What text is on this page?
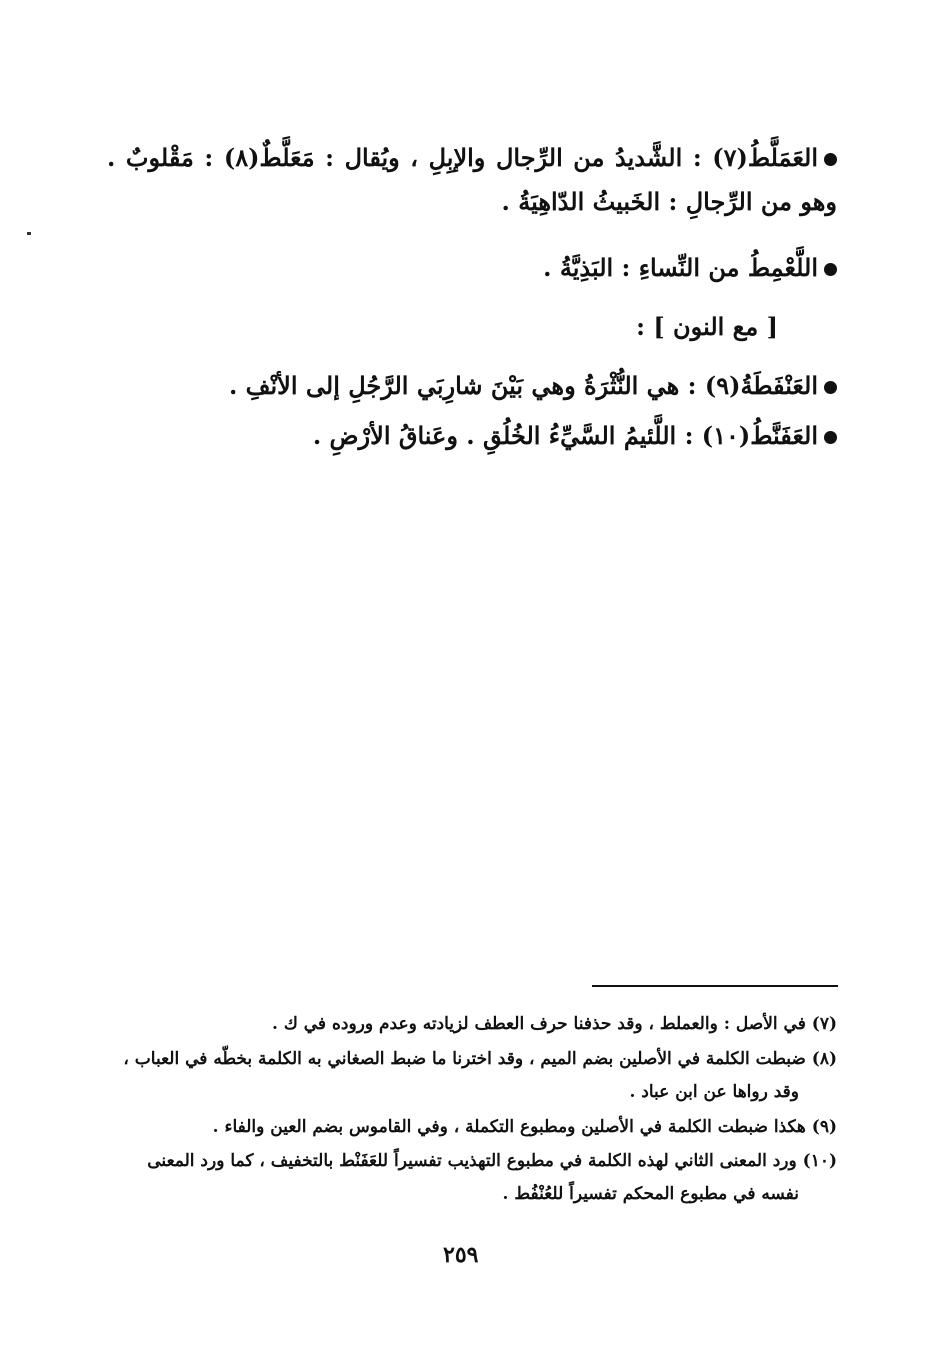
العَمَلَّطُ(٧) : الشَّديدُ من الرِّجال والإبِلِ ، ويُقال : مَعَلَّطٌ(٨) : مَقْلوبٌ . وهو من الرِّجالِ : الخَبيثُ الدّاهِيَةُ .
اللَّعْمِطُ من النِّساءِ : البَذِيَّةُ .
[ مع النون ] :
العَنْفَطَةُ(٩) : هي النُّثْرَةُ وهي بَيْنَ شارِبَي الرَّجُلِ إلى الأنْفِ .
العَفَنَّطُ(١٠) : اللَّئيمُ السَّيِّءُ الخُلُقِ . وعَناقُ الأرْضِ .
(٧) في الأصل : والعملط ، وقد حذفنا حرف العطف لزيادته وعدم وروده في ك .
(٨) ضبطت الكلمة في الأصلين بضم الميم ، وقد اخترنا ما ضبط الصغاني به الكلمة بخطّه في العباب ،
وقد رواها عن ابن عباد .
(٩) هكذا ضبطت الكلمة في الأصلين ومطبوع التكملة ، وفي القاموس بضم العين والفاء .
(١٠) ورد المعنى الثاني لهذه الكلمة في مطبوع التهذيب تفسيراً للعَفَنْط بالتخفيف ، كما ورد المعنى
نفسه في مطبوع المحكم تفسيراً للعُنْفُط .
٢٥٩
